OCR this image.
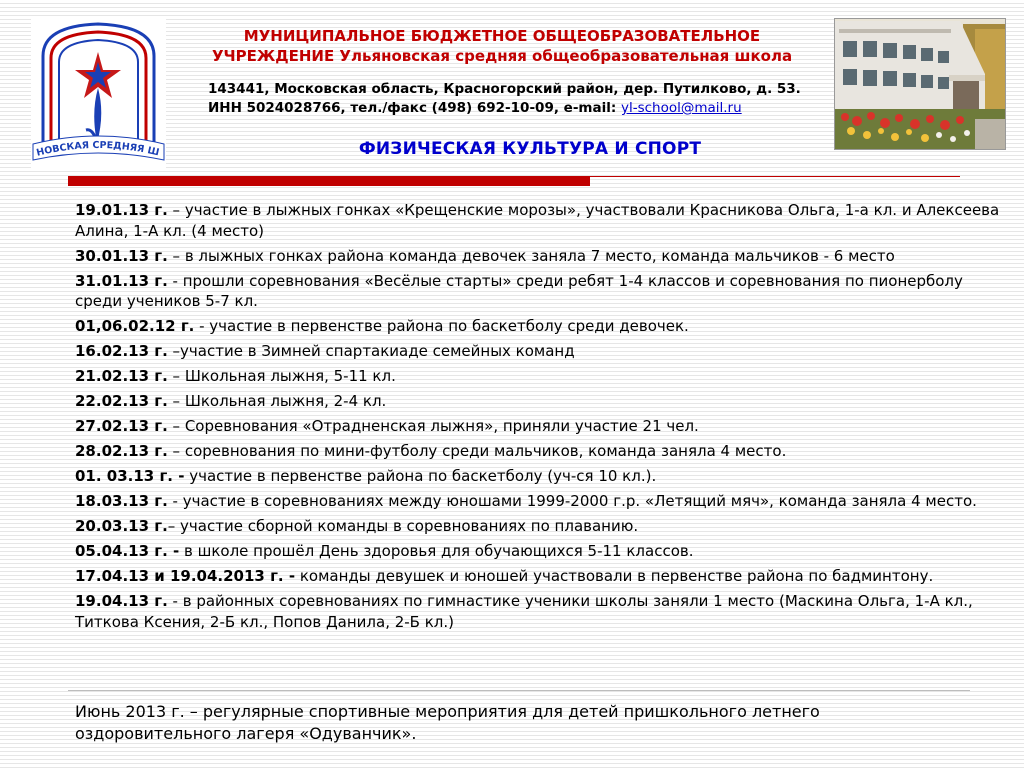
НОВСКАЯ СРЕДНЯЯ Ш
МУНИЦИПАЛЬНОЕ БЮДЖЕТНОЕ ОБЩЕОБРАЗОВАТЕЛЬНОЕ
УЧРЕЖДЕНИЕ Ульяновская средняя общеобразовательная школа
143441, Московская область, Красногорский район, дер. Путилково, д. 53.
ИНН 5024028766, тел./факс (498) 692-10-09, e-mail: yl-school@mail.ru
ФИЗИЧЕСКАЯ КУЛЬТУРА И СПОРТ
19.01.13 г. – участие в лыжных гонках «Крещенские морозы», участвовали Красникова Ольга, 1-а кл. и Алексеева Алина, 1-А кл. (4 место)
30.01.13 г. – в лыжных гонках района команда девочек заняла 7 место, команда мальчиков - 6 место
31.01.13 г. - прошли соревнования «Весёлые старты» среди ребят 1-4 классов и соревнования по пионерболу среди учеников 5-7 кл.
01,06.02.12 г. - участие в первенстве района по баскетболу среди девочек.
16.02.13 г. –участие в Зимней спартакиаде семейных команд
21.02.13 г. – Школьная лыжня, 5-11 кл.
22.02.13 г. – Школьная лыжня, 2-4 кл.
27.02.13 г. – Соревнования «Отрадненская лыжня», приняли участие 21 чел.
28.02.13 г. – соревнования по мини-футболу среди мальчиков, команда заняла 4 место.
01. 03.13 г. - участие в первенстве района по баскетболу (уч-ся 10 кл.).
18.03.13 г. - участие в соревнованиях между юношами 1999-2000 г.р. «Летящий мяч», команда заняла 4 место.
20.03.13 г.– участие сборной команды в соревнованиях по плаванию.
05.04.13 г. - в школе прошёл День здоровья для обучающихся 5-11 классов.
17.04.13 и 19.04.2013 г. - команды девушек и юношей участвовали в первенстве района по бадминтону.
19.04.13 г. - в районных соревнованиях по гимнастике ученики школы заняли 1 место (Маскина Ольга, 1-А кл., Титкова Ксения, 2-Б кл., Попов Данила, 2-Б кл.)
Июнь 2013 г. – регулярные спортивные мероприятия для детей пришкольного летнего оздоровительного лагеря «Одуванчик».
